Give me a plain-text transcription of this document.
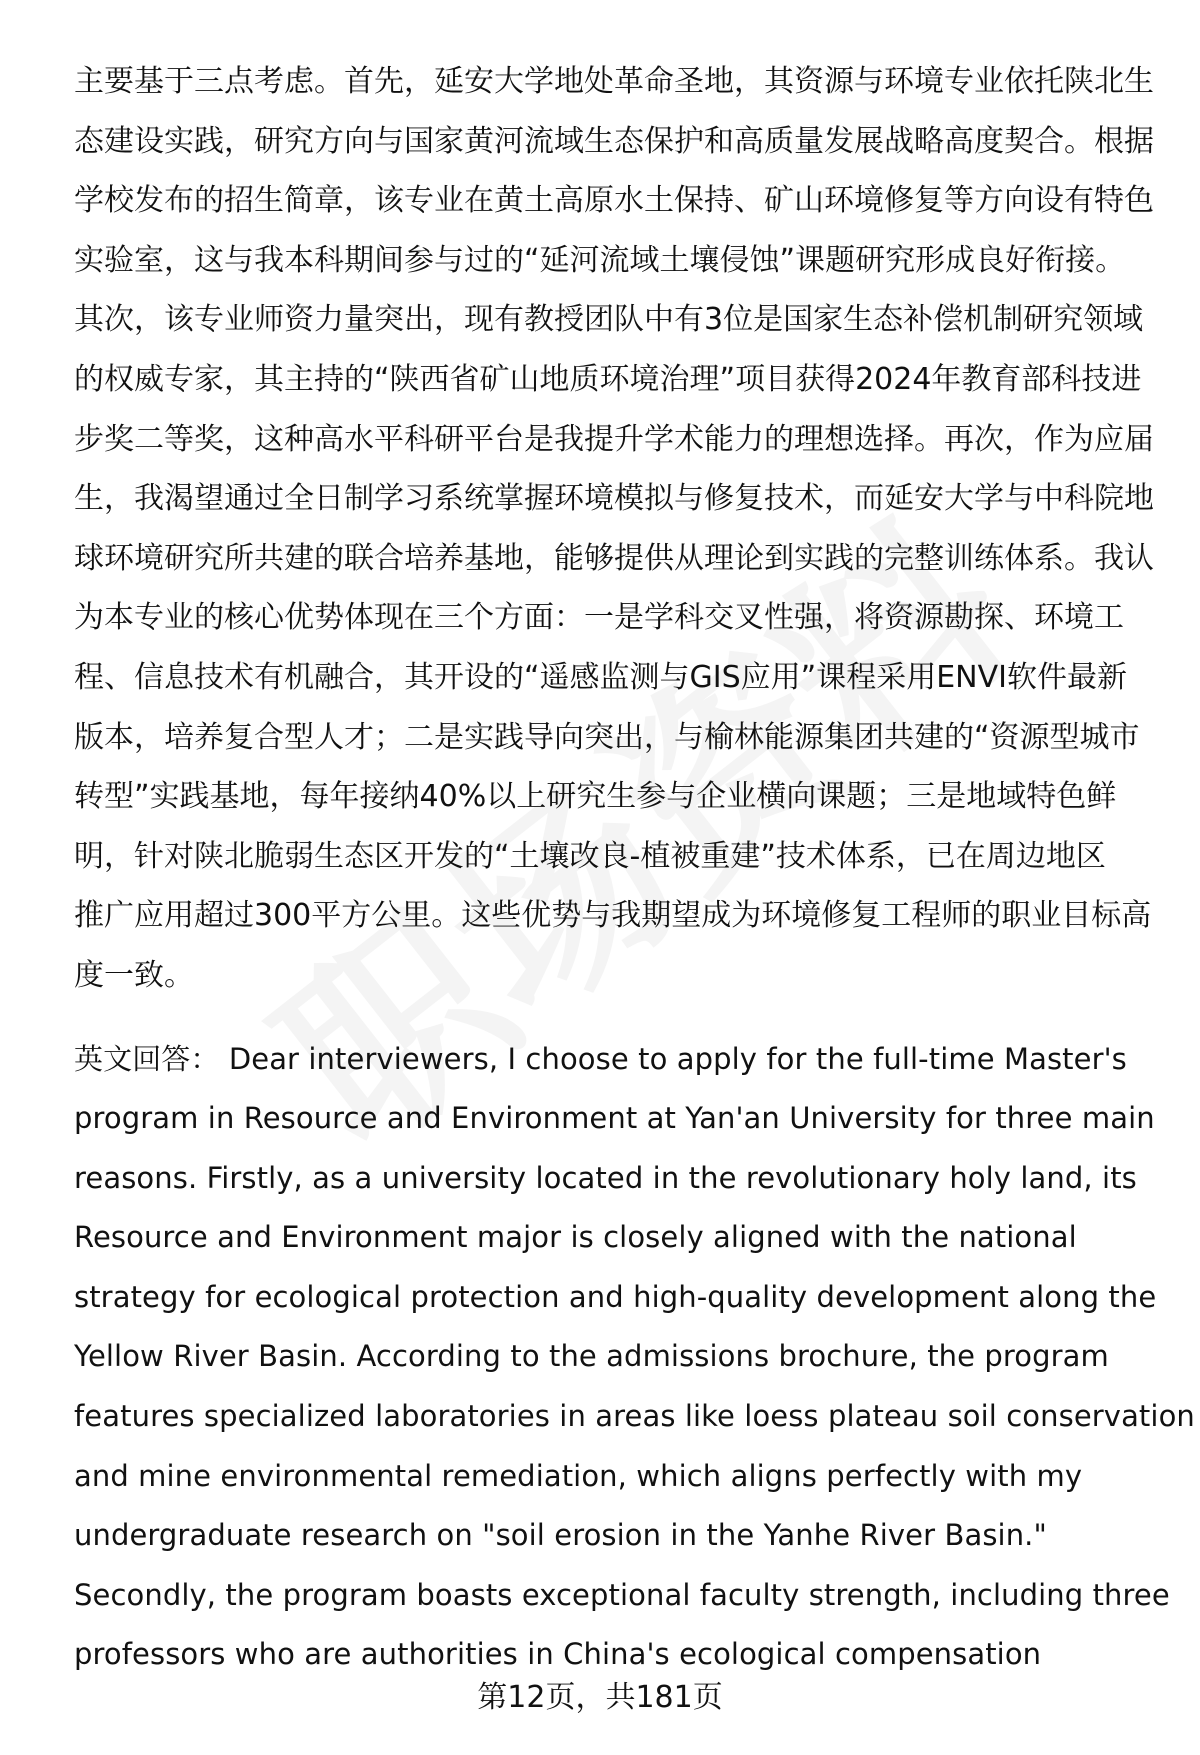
主要基于三点考虑。首先，延安大学地处革命圣地，其资源与环境专业依托陕北生
态建设实践，研究方向与国家黄河流域生态保护和高质量发展战略高度契合。根据
学校发布的招生简章，该专业在黄土高原水土保持、矿山环境修复等方向设有特色
实验室，这与我本科期间参与过的“延河流域土壤侵蚀”课题研究形成良好衔接。
其次，该专业师资力量突出，现有教授团队中有3位是国家生态补偿机制研究领域
的权威专家，其主持的“陕西省矿山地质环境治理”项目获得2024年教育部科技进
步奖二等奖，这种高水平科研平台是我提升学术能力的理想选择。再次，作为应届
生，我渴望通过全日制学习系统掌握环境模拟与修复技术，而延安大学与中科院地
球环境研究所共建的联合培养基地，能够提供从理论到实践的完整训练体系。我认
为本专业的核心优势体现在三个方面：一是学科交叉性强，将资源勘探、环境工
程、信息技术有机融合，其开设的“遥感监测与GIS应用”课程采用ENVI软件最新
版本，培养复合型人才；二是实践导向突出，与榆林能源集团共建的“资源型城市
转型”实践基地，每年接纳40%以上研究生参与企业横向课题；三是地域特色鲜
明，针对陕北脆弱生态区开发的“土壤改良-植被重建”技术体系，已在周边地区
推广应用超过300平方公里。这些优势与我期望成为环境修复工程师的职业目标高
度一致。
英文回答： Dear interviewers, I choose to apply for the full-time Master's
program in Resource and Environment at Yan'an University for three main
reasons. Firstly, as a university located in the revolutionary holy land, its
Resource and Environment major is closely aligned with the national
strategy for ecological protection and high-quality development along the
Yellow River Basin. According to the admissions brochure, the program
features specialized laboratories in areas like loess plateau soil conservation
and mine environmental remediation, which aligns perfectly with my
undergraduate research on "soil erosion in the Yanhe River Basin."
Secondly, the program boasts exceptional faculty strength, including three
professors who are authorities in China's ecological compensation
第12页，共181页
